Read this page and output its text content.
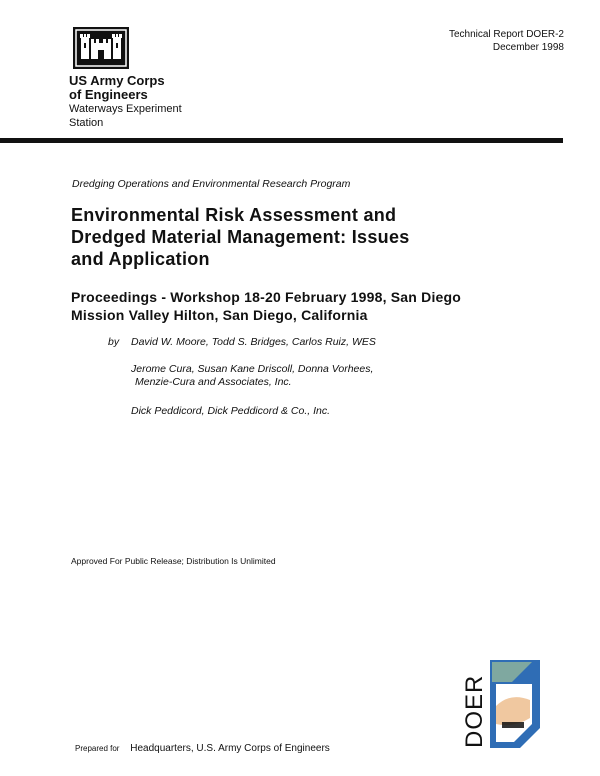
US Army Corps
of Engineers
Waterways Experiment
Station
Technical Report DOER-2
December 1998
Dredging Operations and Environmental Research Program
Environmental Risk Assessment and
Dredged Material Management: Issues
and Application
Proceedings - Workshop 18-20 February 1998, San Diego
Mission Valley Hilton, San Diego, California
by David W. Moore, Todd S. Bridges, Carlos Ruiz, WES
Jerome Cura, Susan Kane Driscoll, Donna Vorhees,
Menzie-Cura and Associates, Inc.
Dick Peddicord, Dick Peddicord & Co., Inc.
Approved For Public Release; Distribution Is Unlimited
Prepared for Headquarters, U.S. Army Corps of Engineers
DOER
